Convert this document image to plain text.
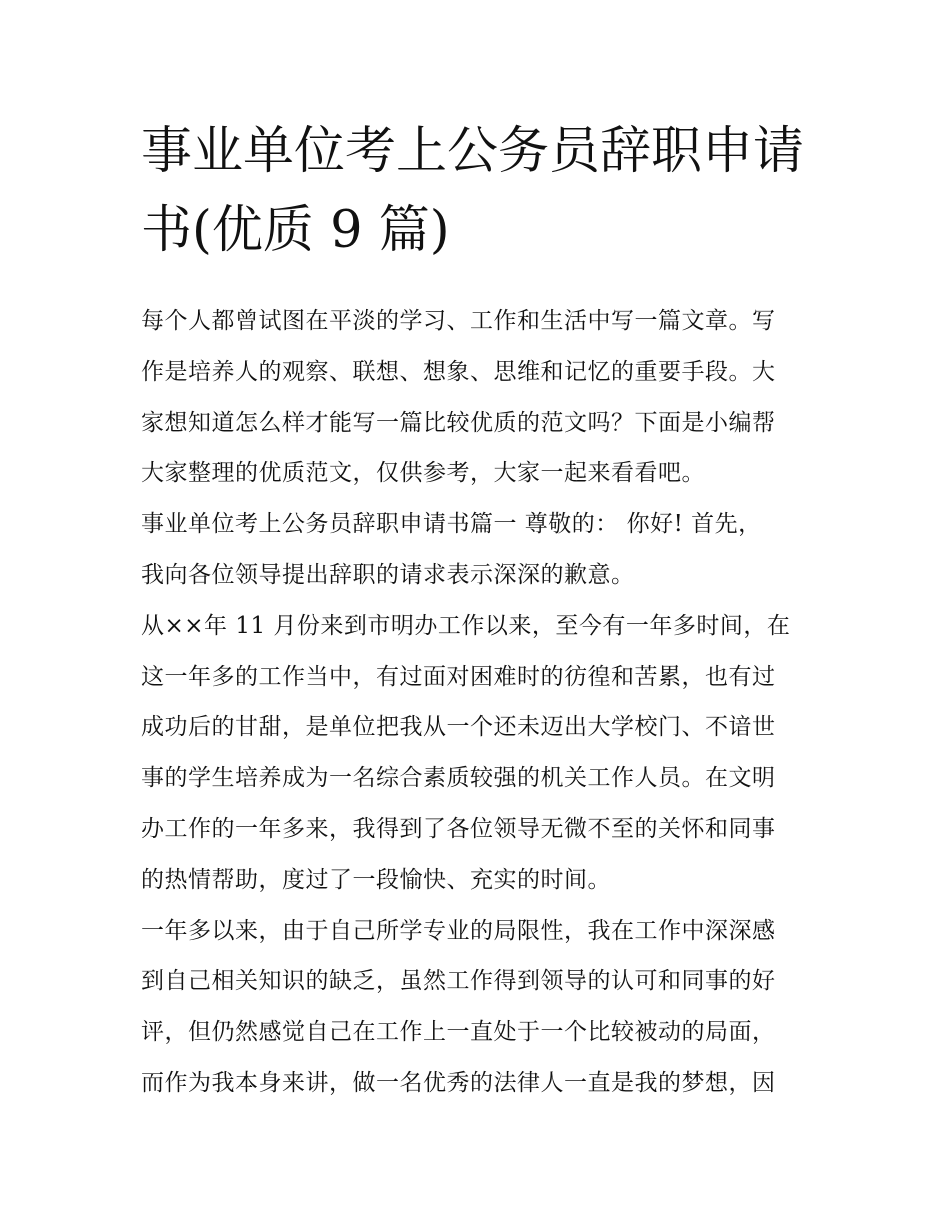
事业单位考上公务员辞职申请
书(优质 9 篇)
每个人都曾试图在平淡的学习、工作和生活中写一篇文章。写
作是培养人的观察、联想、想象、思维和记忆的重要手段。大
家想知道怎么样才能写一篇比较优质的范文吗？下面是小编帮
大家整理的优质范文，仅供参考，大家一起来看看吧。
事业单位考上公务员辞职申请书篇一 尊敬的： 你好! 首先，
我向各位领导提出辞职的请求表示深深的歉意。
从××年 11 月份来到市明办工作以来，至今有一年多时间，在
这一年多的工作当中，有过面对困难时的彷徨和苦累，也有过
成功后的甘甜，是单位把我从一个还未迈出大学校门、不谙世
事的学生培养成为一名综合素质较强的机关工作人员。在文明
办工作的一年多来，我得到了各位领导无微不至的关怀和同事
的热情帮助，度过了一段愉快、充实的时间。
一年多以来，由于自己所学专业的局限性，我在工作中深深感
到自己相关知识的缺乏，虽然工作得到领导的认可和同事的好
评，但仍然感觉自己在工作上一直处于一个比较被动的局面，
而作为我本身来讲，做一名优秀的法律人一直是我的梦想，因
